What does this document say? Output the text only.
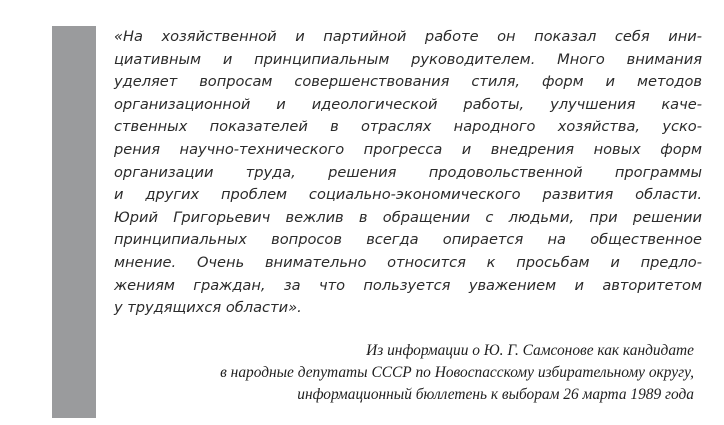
«На хозяйственной и партийной работе он показал себя ини-
циативным и принципиальным руководителем. Много внимания
уделяет вопросам совершенствования стиля, форм и методов
организационной и идеологической работы, улучшения каче-
ственных показателей в отраслях народного хозяйства, уско-
рения научно-технического прогресса и внедрения новых форм
организации труда, решения продовольственной программы
и других проблем социально-экономического развития области.
Юрий Григорьевич вежлив в обращении с людьми, при решении
принципиальных вопросов всегда опирается на общественное
мнение. Очень внимательно относится к просьбам и предло-
жениям граждан, за что пользуется уважением и авторитетом
у трудящихся области».
Из информации о Ю. Г. Самсонове как кандидате
в народные депутаты СССР по Новоспасскому избирательному округу,
информационный бюллетень к выборам 26 марта 1989 года
